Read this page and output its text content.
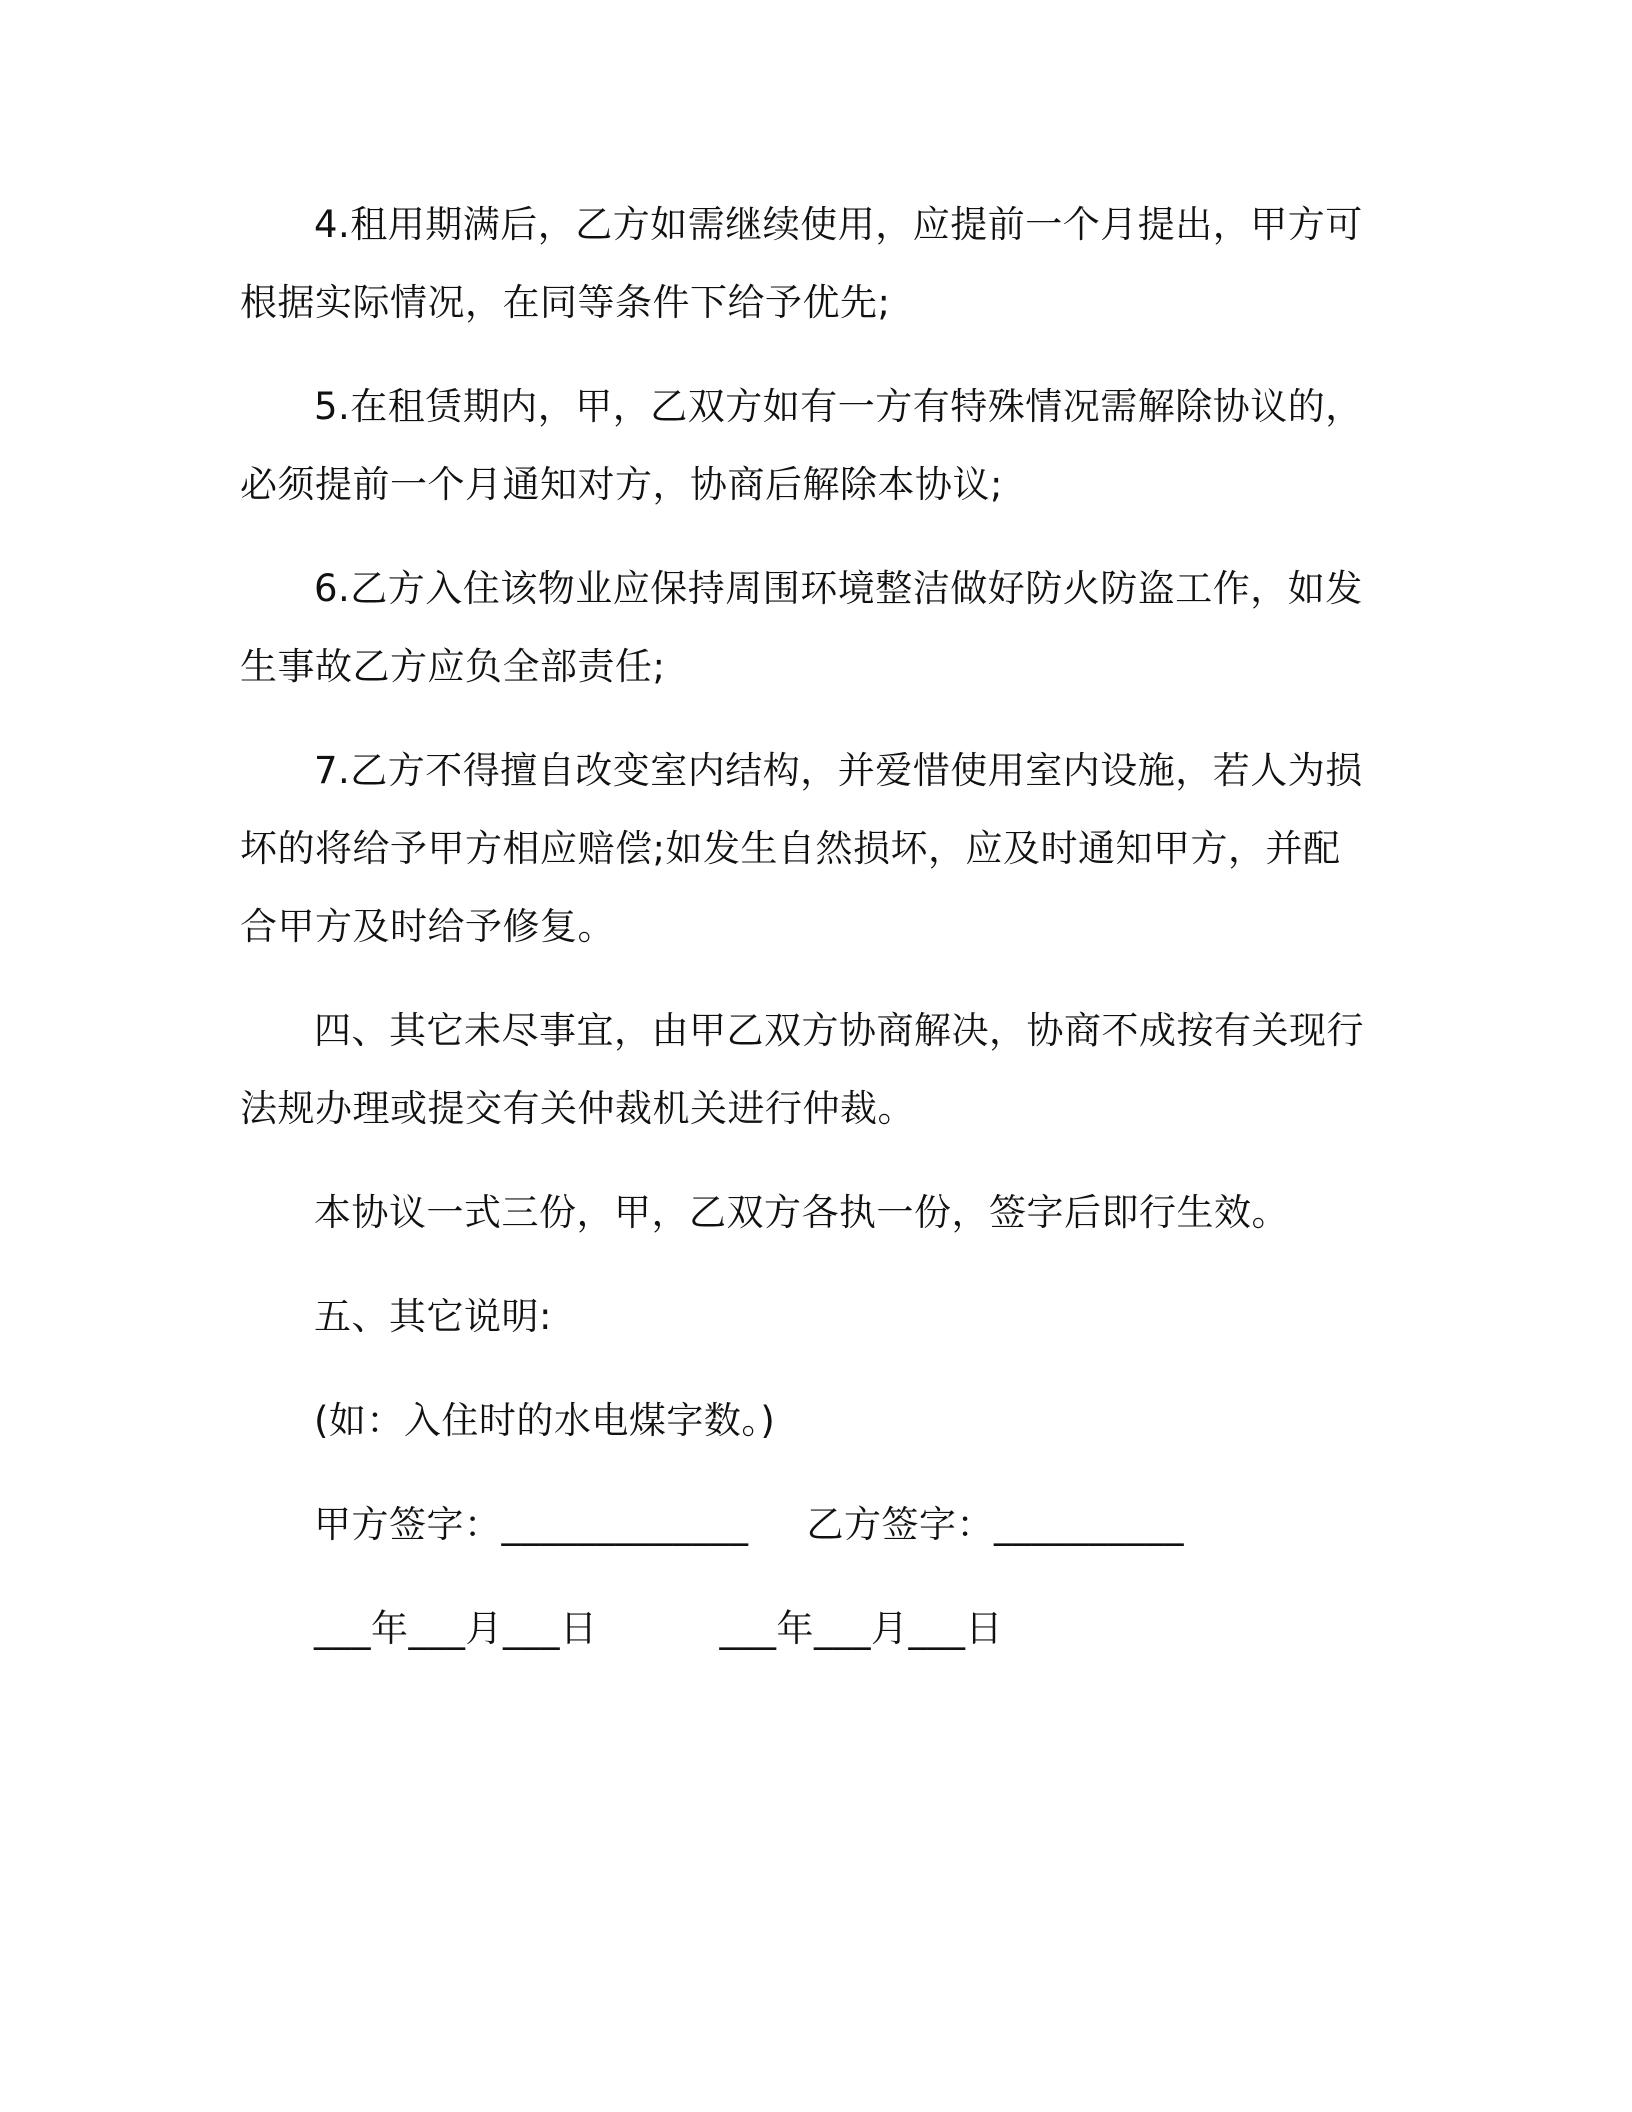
4.租用期满后，乙方如需继续使用，应提前一个月提出，甲方可根据实际情况，在同等条件下给予优先;

5.在租赁期内，甲，乙双方如有一方有特殊情况需解除协议的，必须提前一个月通知对方，协商后解除本协议;

6.乙方入住该物业应保持周围环境整洁做好防火防盗工作，如发生事故乙方应负全部责任;

7.乙方不得擅自改变室内结构，并爱惜使用室内设施，若人为损坏的将给予甲方相应赔偿;如发生自然损坏，应及时通知甲方，并配合甲方及时给予修复。

四、其它未尽事宜，由甲乙双方协商解决，协商不成按有关现行法规办理或提交有关仲裁机关进行仲裁。

本协议一式三份，甲，乙双方各执一份，签字后即行生效。

五、其它说明:

(如：入住时的水电煤字数。)

甲方签字： _____________ 乙方签字： __________
___年___月___日	___年___月___日
